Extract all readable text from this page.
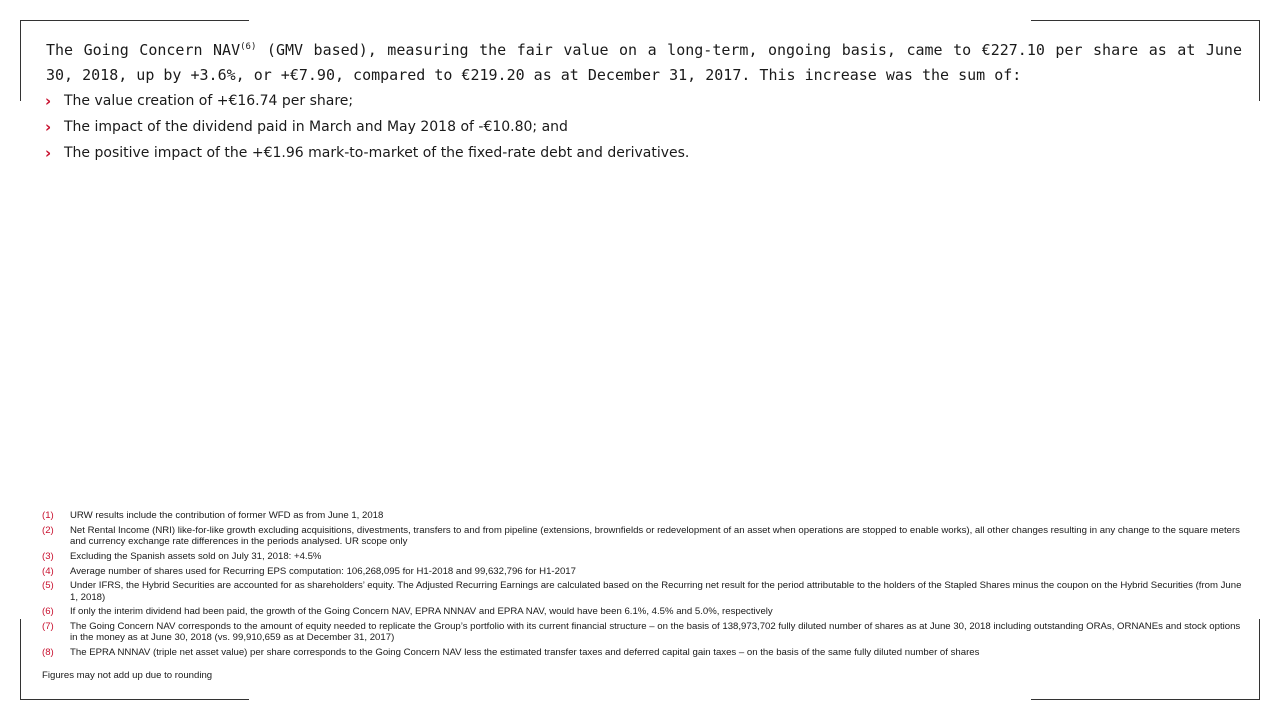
The Going Concern NAV$^{(6)}$ (GMV based), measuring the fair value on a long-term, ongoing basis, came to €227.10 per share as at June 30, 2018, up by +3.6%, or +€7.90, compared to €219.20 as at December 31, 2017. This increase was the sum of:

› The value creation of +€16.74 per share;
› The impact of the dividend paid in March and May 2018 of -€10.80; and
› The positive impact of the +€1.96 mark-to-market of the fixed-rate debt and derivatives.
(1)	URW results include the contribution of former WFD as from June 1, 2018
(2)	Net Rental Income (NRI) like-for-like growth excluding acquisitions, divestments, transfers to and from pipeline (extensions, brownfields or redevelopment of an asset when operations are stopped to enable works), all other changes resulting in any change to the square meters and currency exchange rate differences in the periods analysed. UR scope only
(3)	Excluding the Spanish assets sold on July 31, 2018: +4.5%
(4)	Average number of shares used for Recurring EPS computation: 106,268,095 for H1-2018 and 99,632,796 for H1-2017
(5)	Under IFRS, the Hybrid Securities are accounted for as shareholders’ equity. The Adjusted Recurring Earnings are calculated based on the Recurring net result for the period attributable to the holders of the Stapled Shares minus the coupon on the Hybrid Securities (from June 1, 2018)
(6)	If only the interim dividend had been paid, the growth of the Going Concern NAV, EPRA NNNAV and EPRA NAV, would have been 6.1%, 4.5% and 5.0%, respectively
(7)	The Going Concern NAV corresponds to the amount of equity needed to replicate the Group’s portfolio with its current financial structure – on the basis of 138,973,702 fully diluted number of shares as at June 30, 2018 including outstanding ORAs, ORNANEs and stock options in the money as at June 30, 2018 (vs. 99,910,659 as at December 31, 2017)
(8)	The EPRA NNNAV (triple net asset value) per share corresponds to the Going Concern NAV less the estimated transfer taxes and deferred capital gain taxes – on the basis of the same fully diluted number of shares
Figures may not add up due to rounding
